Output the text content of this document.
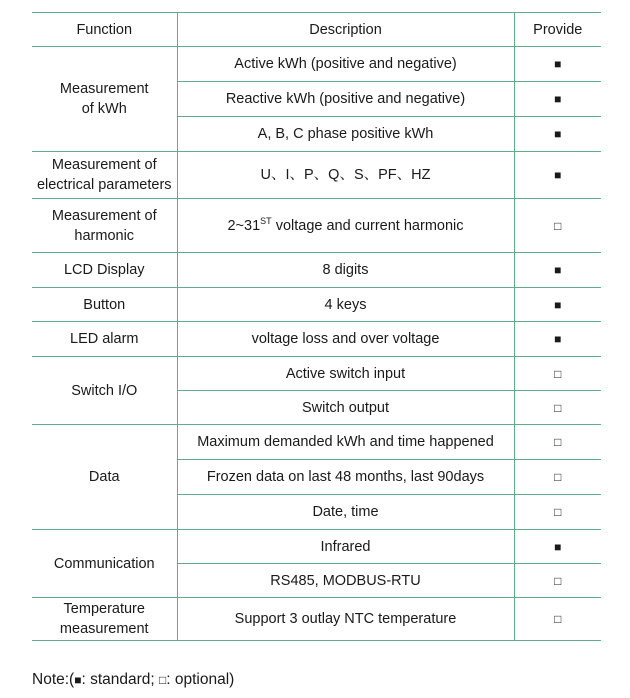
Function	Description	Provide
Measurement
of kWh	Active kWh (positive and negative)	■
	Reactive kWh (positive and negative)	■
	A, B, C phase positive kWh	■
Measurement of
electrical parameters	U、I、P、Q、S、PF、HZ	■
Measurement of
harmonic	2~31ST voltage and current harmonic	□
LCD Display	8 digits	■
Button	4 keys	■
LED alarm	voltage loss and over voltage	■
Switch I/O	Active switch input	□
	Switch output	□
Data	Maximum demanded kWh and time happened	□
	Frozen data on last 48 months, last 90days	□
	Date, time	□
Communication	Infrared	■
	RS485, MODBUS-RTU	□
Temperature
measurement	Support 3 outlay NTC temperature	□
Note:(■: standard; □: optional)
